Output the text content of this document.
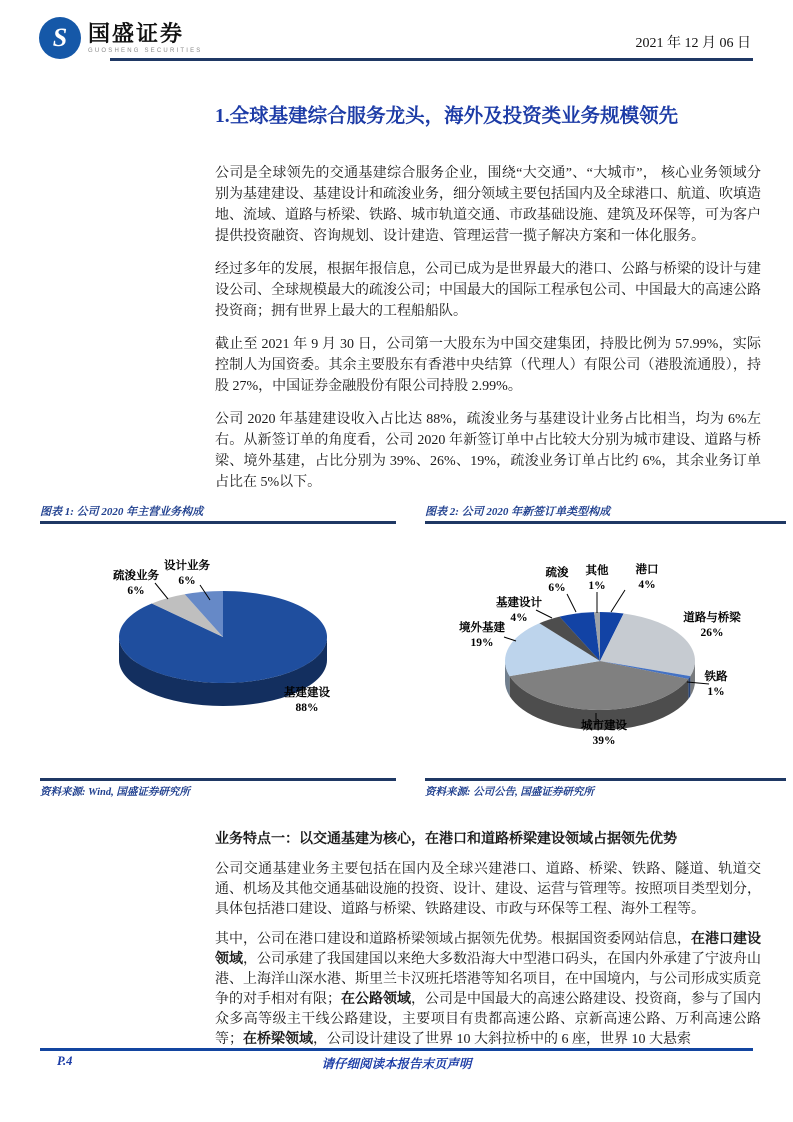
S 国盛证券
GUOSHENG SECURITIES	2021 年 12 月 06 日
1.全球基建综合服务龙头，海外及投资类业务规模领先

公司是全球领先的交通基建综合服务企业，围绕“大交通”、“大城市”， 核心业务领域分别为基建建设、基建设计和疏浚业务，细分领域主要包括国内及全球港口、航道、吹填造地、流域、道路与桥梁、铁路、城市轨道交通、市政基础设施、建筑及环保等，可为客户提供投资融资、咨询规划、设计建造、管理运营一揽子解决方案和一体化服务。

经过多年的发展，根据年报信息，公司已成为是世界最大的港口、公路与桥梁的设计与建设公司、全球规模最大的疏浚公司；中国最大的国际工程承包公司、中国最大的高速公路投资商；拥有世界上最大的工程船船队。

截止至 2021 年 9 月 30 日，公司第一大股东为中国交建集团，持股比例为 57.99%，实际控制人为国资委。其余主要股东有香港中央结算（代理人）有限公司（港股流通股），持股 27%，中国证券金融股份有限公司持股 2.99%。

公司 2020 年基建建设收入占比达 88%，疏浚业务与基建设计业务占比相当，均为 6%左右。从新签订单的角度看，公司 2020 年新签订单中占比较大分别为城市建设、道路与桥梁、境外基建，占比分别为 39%、26%、19%，疏浚业务订单占比约 6%，其余业务订单占比在 5%以下。

图表 1: 公司 2020 年主营业务构成
基建建设 88%
疏浚业务 6%
设计业务 6%
资料来源: Wind, 国盛证券研究所
图表 2: 公司 2020 年新签订单类型构成
港口 4%
道路与桥梁 26%
铁路 1%
城市建设 39%
境外基建 19%
基建设计 4%
疏浚 6%
其他 1%
资料来源: 公司公告, 国盛证券研究所

业务特点一：以交通基建为核心，在港口和道路桥梁建设领域占据领先优势

公司交通基建业务主要包括在国内及全球兴建港口、道路、桥梁、铁路、隧道、轨道交通、机场及其他交通基础设施的投资、设计、建设、运营与管理等。按照项目类型划分，具体包括港口建设、道路与桥梁、铁路建设、市政与环保等工程、海外工程等。

其中，公司在港口建设和道路桥梁领域占据领先优势。根据国资委网站信息，在港口建设领域，公司承建了我国建国以来绝大多数沿海大中型港口码头，在国内外承建了宁波舟山港、上海洋山深水港、斯里兰卡汉班托塔港等知名项目，在中国境内，与公司形成实质竞争的对手相对有限；在公路领域，公司是中国最大的高速公路建设、投资商，参与了国内众多高等级主干线公路建设，主要项目有贵都高速公路、京新高速公路、万利高速公路等；在桥梁领域，公司设计建设了世界 10 大斜拉桥中的 6 座，世界 10 大悬索

P.4	请仔细阅读本报告末页声明
